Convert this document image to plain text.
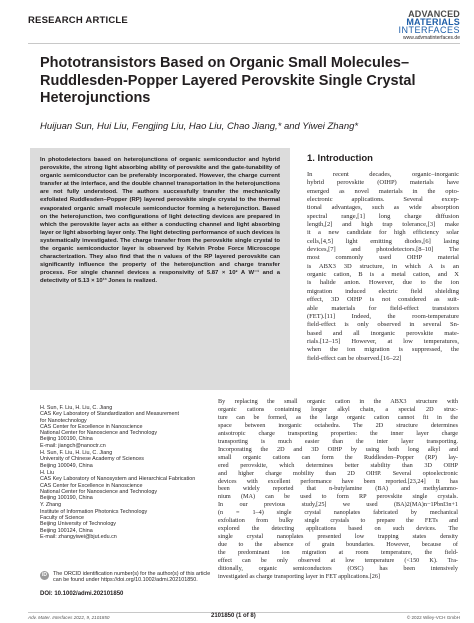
RESEARCH ARTICLE
ADVANCED
MATERIALS
INTERFACES
www.advmatinterfaces.de
Phototransistors Based on Organic Small Molecules–Ruddlesden-Popper Layered Perovskite Single Crystal Heterojunctions
Huijuan Sun, Hui Liu, Fengjing Liu, Hao Liu, Chao Jiang,* and Yiwei Zhang*

In photodetectors based on heterojunctions of organic semiconductor and hybrid perovskite, the strong light absorbing ability of perovskite and the gate-tunability of organic semiconductor can be preferably incorporated. However, the charge current transfer at the interface, and the double channel transportation in the heterojunctions are not fully understood. The authors successfully transfer the mechanically exfoliated Ruddlesden–Popper (RP) layered perovskite single crystal to the thermal evaporated organic small molecule semiconductor forming a heterojunction. Based on the heterojunction, two configurations of light detecting devices are prepared in which the perovskite layer acts as either a conducting channel and light absorbing layer or light absorbing layer only. The light detecting performance of such devices is systematically investigated. The charge transfer from the perovskite single crystal to the organic semiconductor layer is observed by Kelvin Probe Force Microscope characterization. They also find that the n values of the RP layered perovskite can significantly influence the property of the heterojunction and charge transfer process. For single channel devices a responsivity of 5.87 × 10² A W⁻¹ and a detectivity of 5.13 × 10¹³ Jones is realized.

H. Sun, F. Liu, H. Liu, C. Jiang
CAS Key Laboratory of Standardization and Measurement
for Nanotechnology
CAS Center for Excellence in Nanoscience
National Center for Nanoscience and Technology
Beijing 100190, China
E-mail: jiangch@nanoctr.cn
H. Sun, F. Liu, H. Liu, C. Jiang
University of Chinese Academy of Sciences
Beijing 100049, China
H. Liu
CAS Key Laboratory of Nanosystem and Hierarchical Fabrication
CAS Center for Excellence in Nanoscience
National Center for Nanoscience and Technology
Beijing 100190, China
Y. Zhang
Institute of Information Photonics Technology
Faculty of Science
Beijing University of Technology
Beijing 100124, China
E-mail: zhangyiwei@bjut.edu.cn
iD	The ORCID identification number(s) for the author(s) of this article
can be found under https://doi.org/10.1002/admi.202101850.
DOI: 10.1002/admi.202101850
1. Introduction
In recent decades, organic–inorganic
hybrid perovskite (OIHP) materials have
emerged as novel materials in the opto-
electronic applications. Several excep-
tional advantages, such as wide absorption
spectral range,[1] long charge diffusion
length,[2] and high trap tolerance,[3] make
it a new candidate for high efficiency solar
cells,[4,5] light emitting diodes,[6] lasing
devices,[7] and photodetectors.[8–10] The
most commonly used OIHP material
is ABX3 3D structure, in which A is an
organic cation, B is a metal cation, and X
is halide anion. However, due to the ion
migration induced electric field shielding
effect, 3D OIHP is not considered as suit-
able materials for field-effect transistors
(FET).[11] Indeed, the room-temperature
field-effect is only observed in several Sn-
based and all inorganic perovskite mate-
rials.[12–15] However, at low temperatures,
when the ion migration is suppressed, the
field-effect can be observed.[16–22]
By replacing the small organic cation in the ABX3 structure with
organic cations containing longer alkyl chain, a special 2D struc-
ture can be formed, as the large organic cation cannot fit in the
space between inorganic octahedra. The 2D structure determines
anisotropic charge transporting properties: the inner layer charge
transporting is much easier than the inter layer transporting.
Incorporating the 2D and 3D OIHP by using both long alkyl and
small organic cations can form the Ruddlesden–Popper (RP) lay-
ered perovskite, which determines better stability than 3D OIHP
and higher charge mobility than 2D OIHP. Several optoelectronic
devices with excellent performance have been reported.[23,24] It has
been widely reported that n-butylamine (BA) and methylammo-
nium (MA) can be used to form RP perovskite single crystals.
In our previous study,[25] we used (BA)2(MA)n−1PbnI3n+1
(n = 1–4) single crystal nanoplates fabricated by mechanical
exfoliation from bulky single crystals to prepare the FETs and
explored the detecting applications based on such devices. The
single crystal nanoplates presented low trapping states density
due to the absence of grain boundaries. However, because of
the predominant ion migration at room temperature, the field-
effect can be only observed at low temperature (<150 K). Tra-
ditionally, organic semiconductors (OSC) has been intensively
investigated as charge transporting layer in FET applications.[26]
Adv. Mater. Interfaces 2022, 9, 2101850	2101850 (1 of 8)	© 2022 Wiley-VCH GmbH
